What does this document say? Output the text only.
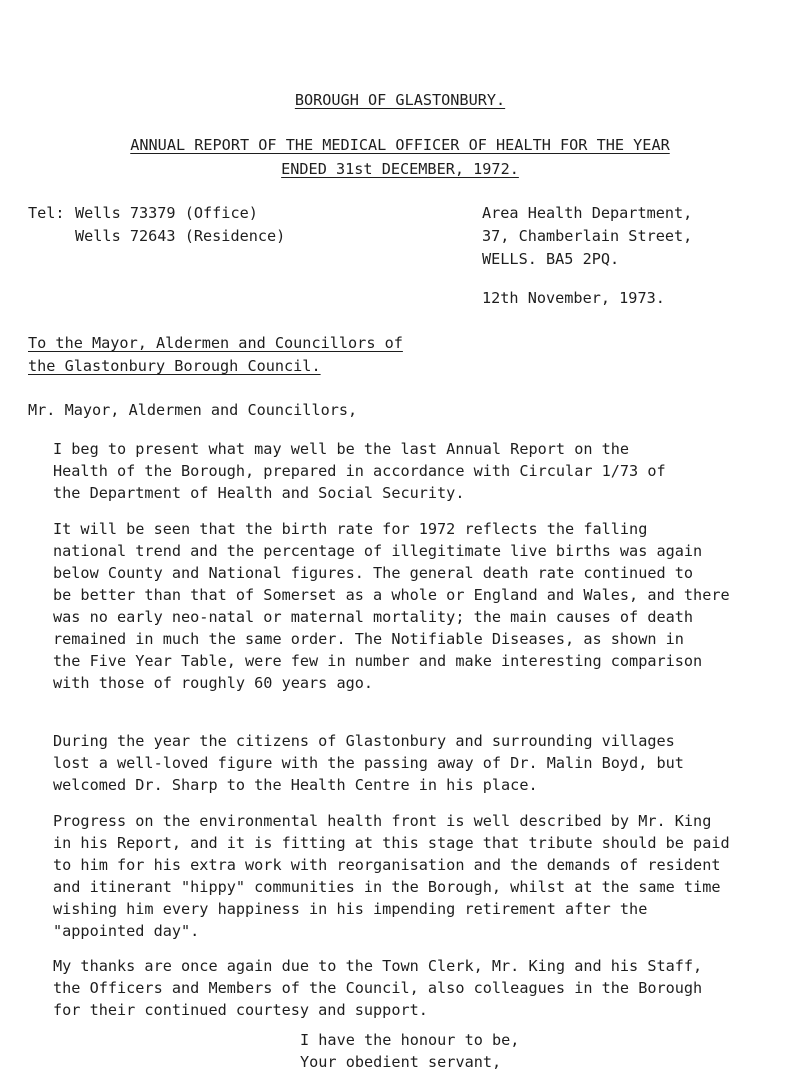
BOROUGH OF GLASTONBURY.
ANNUAL REPORT OF THE MEDICAL OFFICER OF HEALTH FOR THE YEAR
ENDED 31st DECEMBER, 1972.
Tel: Wells 73379 (Office)
Wells 72643 (Residence)
Area Health Department,
37, Chamberlain Street,
WELLS. BA5 2PQ.
12th November, 1973.
To the Mayor, Aldermen and Councillors of
the Glastonbury Borough Council.
Mr. Mayor, Aldermen and Councillors,
I beg to present what may well be the last Annual Report on the
Health of the Borough, prepared in accordance with Circular 1/73 of
the Department of Health and Social Security.
It will be seen that the birth rate for 1972 reflects the falling
national trend and the percentage of illegitimate live births was again
below County and National figures. The general death rate continued to
be better than that of Somerset as a whole or England and Wales, and there
was no early neo-natal or maternal mortality; the main causes of death
remained in much the same order. The Notifiable Diseases, as shown in
the Five Year Table, were few in number and make interesting comparison
with those of roughly 60 years ago.
During the year the citizens of Glastonbury and surrounding villages
lost a well-loved figure with the passing away of Dr. Malin Boyd, but
welcomed Dr. Sharp to the Health Centre in his place.
Progress on the environmental health front is well described by Mr. King
in his Report, and it is fitting at this stage that tribute should be paid
to him for his extra work with reorganisation and the demands of resident
and itinerant "hippy" communities in the Borough, whilst at the same time
wishing him every happiness in his impending retirement after the
"appointed day".
My thanks are once again due to the Town Clerk, Mr. King and his Staff,
the Officers and Members of the Council, also colleagues in the Borough
for their continued courtesy and support.
I have the honour to be,
Your obedient servant,
